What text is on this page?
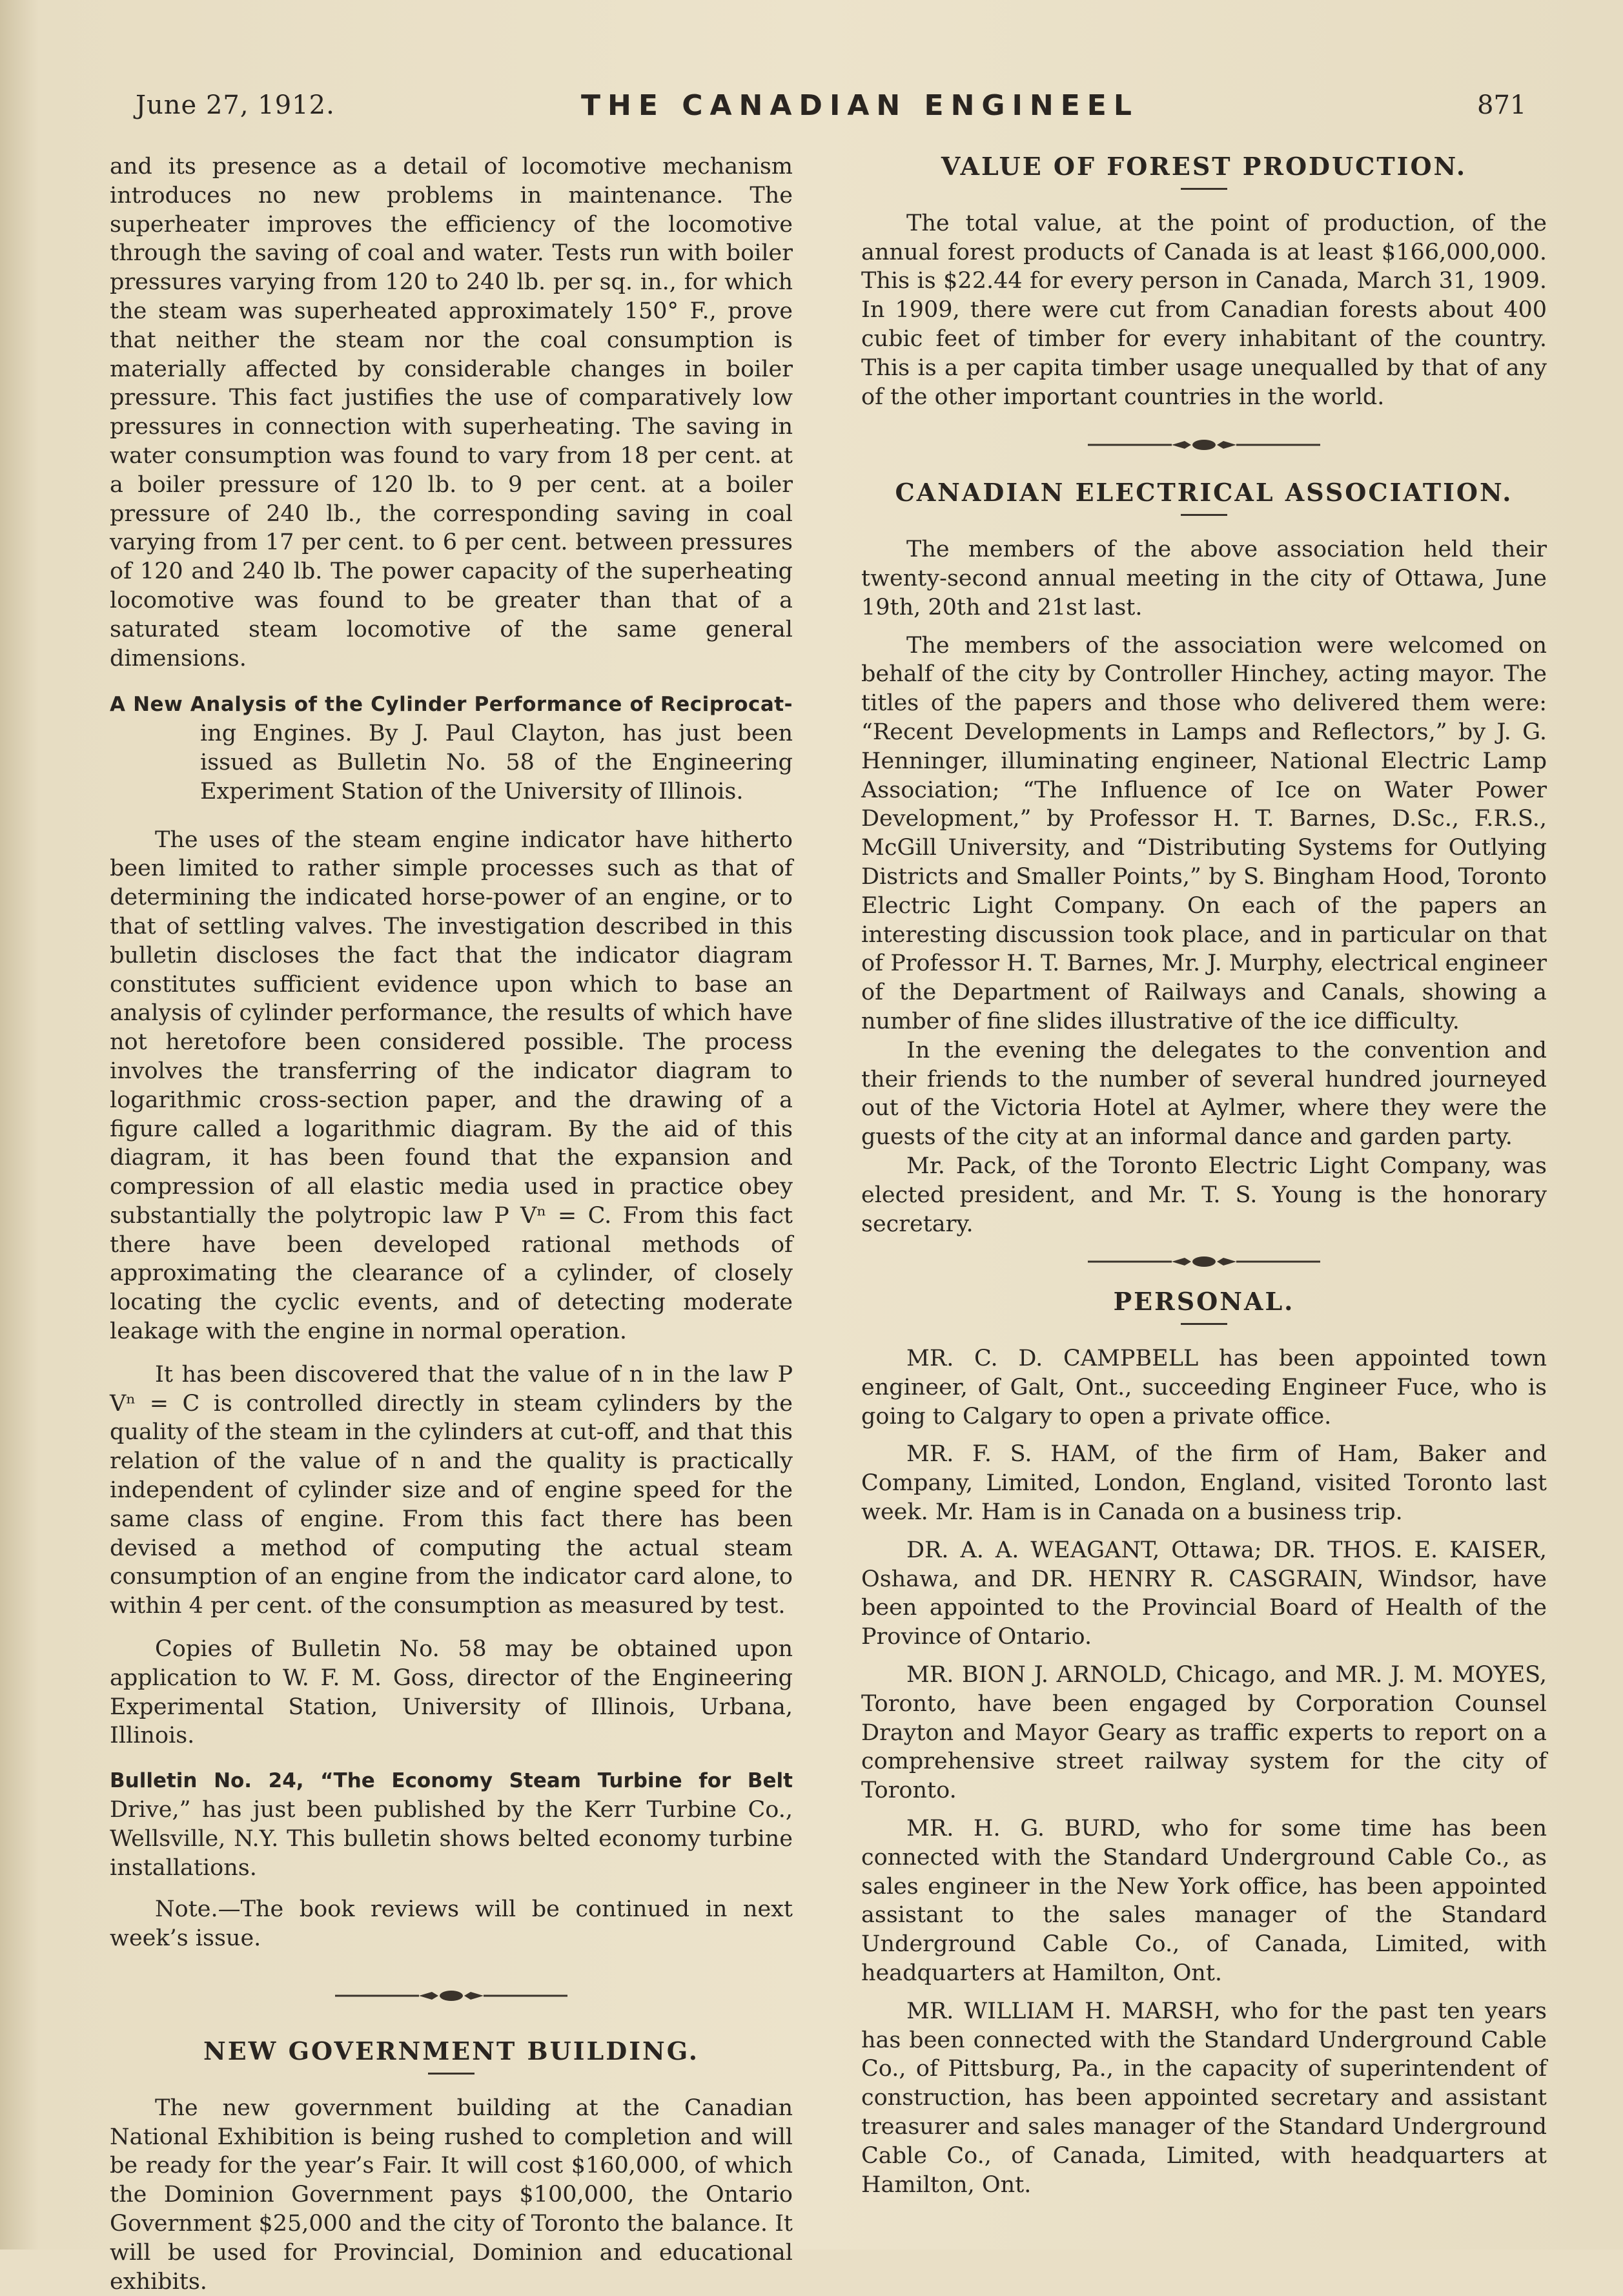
June 27, 1912.	THE CANADIAN ENGINEEL	871

and its presence as a detail of locomotive mechanism introduces no new problems in maintenance. The superheater improves the efficiency of the locomotive through the saving of coal and water. Tests run with boiler pressures varying from 120 to 240 lb. per sq. in., for which the steam was superheated approximately 150° F., prove that neither the steam nor the coal consumption is materially affected by considerable changes in boiler pressure. This fact justifies the use of comparatively low pressures in connection with superheating. The saving in water consumption was found to vary from 18 per cent. at a boiler pressure of 120 lb. to 9 per cent. at a boiler pressure of 240 lb., the corresponding saving in coal varying from 17 per cent. to 6 per cent. between pressures of 120 and 240 lb. The power capacity of the superheating locomotive was found to be greater than that of a saturated steam locomotive of the same general dimensions.

A New Analysis of the Cylinder Performance of Reciprocat- ing Engines. By J. Paul Clayton, has just been issued as Bulletin No. 58 of the Engineering Experiment Station of the University of Illinois.

The uses of the steam engine indicator have hitherto been limited to rather simple processes such as that of determining the indicated horse-power of an engine, or to that of settling valves. The investigation described in this bulletin discloses the fact that the indicator diagram constitutes sufficient evidence upon which to base an analysis of cylinder performance, the results of which have not heretofore been considered possible. The process involves the transferring of the indicator diagram to logarithmic cross-section paper, and the drawing of a figure called a logarithmic diagram. By the aid of this diagram, it has been found that the expansion and compression of all elastic media used in practice obey substantially the polytropic law P Vⁿ = C. From this fact there have been developed rational methods of approximating the clearance of a cylinder, of closely locating the cyclic events, and of detecting moderate leakage with the engine in normal operation.

It has been discovered that the value of n in the law P Vⁿ = C is controlled directly in steam cylinders by the quality of the steam in the cylinders at cut-off, and that this relation of the value of n and the quality is practically independent of cylinder size and of engine speed for the same class of engine. From this fact there has been devised a method of computing the actual steam consumption of an engine from the indicator card alone, to within 4 per cent. of the consumption as measured by test.

Copies of Bulletin No. 58 may be obtained upon application to W. F. M. Goss, director of the Engineering Experimental Station, University of Illinois, Urbana, Illinois.

Bulletin No. 24, “The Economy Steam Turbine for Belt Drive,” has just been published by the Kerr Turbine Co., Wellsville, N.Y. This bulletin shows belted economy turbine installations.

Note.—The book reviews will be continued in next week’s issue.

NEW GOVERNMENT BUILDING.

The new government building at the Canadian National Exhibition is being rushed to completion and will be ready for the year’s Fair. It will cost $160,000, of which the Dominion Government pays $100,000, the Ontario Government $25,000 and the city of Toronto the balance. It will be used for Provincial, Dominion and educational exhibits.

VALUE OF FOREST PRODUCTION.

The total value, at the point of production, of the annual forest products of Canada is at least $166,000,000. This is $22.44 for every person in Canada, March 31, 1909. In 1909, there were cut from Canadian forests about 400 cubic feet of timber for every inhabitant of the country. This is a per capita timber usage unequalled by that of any of the other important countries in the world.

CANADIAN ELECTRICAL ASSOCIATION.

The members of the above association held their twenty-second annual meeting in the city of Ottawa, June 19th, 20th and 21st last.

The members of the association were welcomed on behalf of the city by Controller Hinchey, acting mayor. The titles of the papers and those who delivered them were: “Recent Developments in Lamps and Reflectors,” by J. G. Henninger, illuminating engineer, National Electric Lamp Association; “The Influence of Ice on Water Power Development,” by Professor H. T. Barnes, D.Sc., F.R.S., McGill University, and “Distributing Systems for Outlying Districts and Smaller Points,” by S. Bingham Hood, Toronto Electric Light Company. On each of the papers an interesting discussion took place, and in particular on that of Professor H. T. Barnes, Mr. J. Murphy, electrical engineer of the Department of Railways and Canals, showing a number of fine slides illustrative of the ice difficulty.

In the evening the delegates to the convention and their friends to the number of several hundred journeyed out of the Victoria Hotel at Aylmer, where they were the guests of the city at an informal dance and garden party.

Mr. Pack, of the Toronto Electric Light Company, was elected president, and Mr. T. S. Young is the honorary secretary.

PERSONAL.

MR. C. D. CAMPBELL has been appointed town engineer, of Galt, Ont., succeeding Engineer Fuce, who is going to Calgary to open a private office.

MR. F. S. HAM, of the firm of Ham, Baker and Company, Limited, London, England, visited Toronto last week. Mr. Ham is in Canada on a business trip.

DR. A. A. WEAGANT, Ottawa; DR. THOS. E. KAISER, Oshawa, and DR. HENRY R. CASGRAIN, Windsor, have been appointed to the Provincial Board of Health of the Province of Ontario.

MR. BION J. ARNOLD, Chicago, and MR. J. M. MOYES, Toronto, have been engaged by Corporation Counsel Drayton and Mayor Geary as traffic experts to report on a comprehensive street railway system for the city of Toronto.

MR. H. G. BURD, who for some time has been connected with the Standard Underground Cable Co., as sales engineer in the New York office, has been appointed assistant to the sales manager of the Standard Underground Cable Co., of Canada, Limited, with headquarters at Hamilton, Ont.

MR. WILLIAM H. MARSH, who for the past ten years has been connected with the Standard Underground Cable Co., of Pittsburg, Pa., in the capacity of superintendent of construction, has been appointed secretary and assistant treasurer and sales manager of the Standard Underground Cable Co., of Canada, Limited, with headquarters at Hamilton, Ont.
